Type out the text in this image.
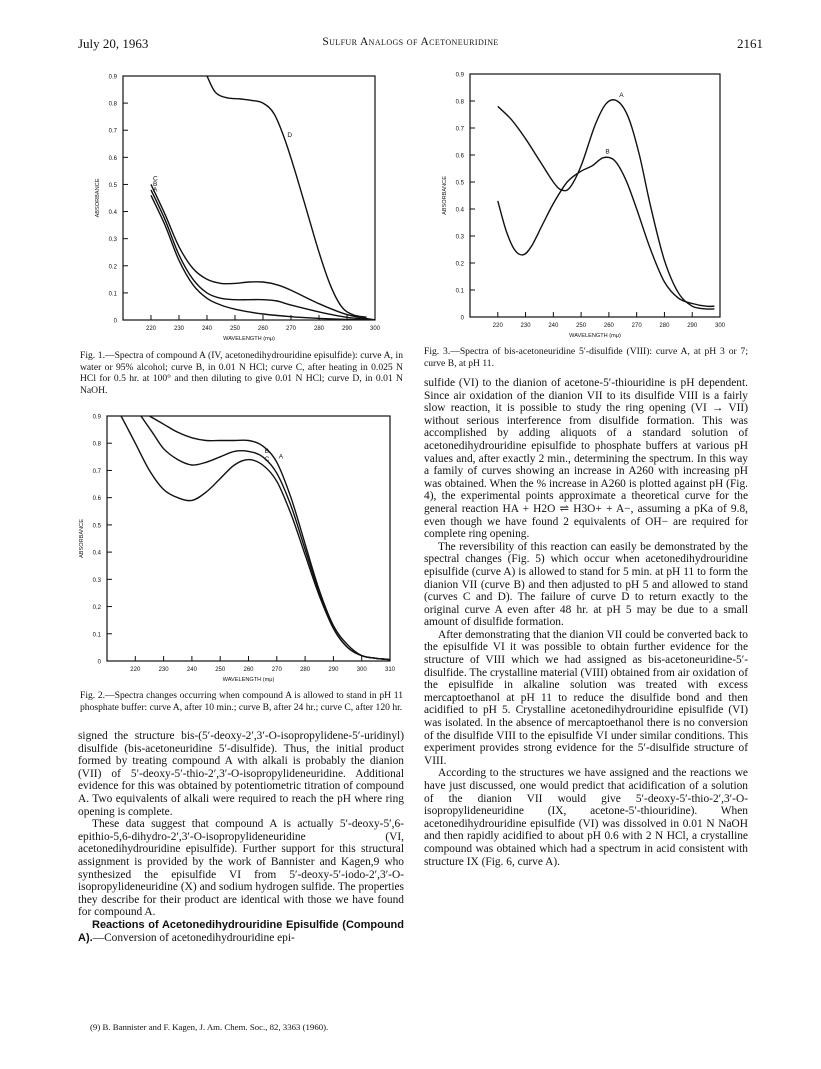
July 20, 1963	Sulfur Analogs of Acetoneuridine	2161
0
0.1
0.2
0.3
0.4
0.5
0.6
0.7
0.8
0.9
220	230	240	250	260	270	280	290	300
WAVELENGTH (mμ)
ABSORBANCE	A
B
C
D
Fig. 1.—Spectra of compound A (IV, acetonedihydrouridine episulfide): curve A, in water or 95% alcohol; curve B, in 0.01 N HCl; curve C, after heating in 0.025 N HCl for 0.5 hr. at 100° and then diluting to give 0.01 N HCl; curve D, in 0.01 N NaOH.
0
0.1
0.2
0.3
0.4
0.5
0.6
0.7
0.8
0.9
220	230	240	250	260	270	280	290	300	310
WAVELENGTH (mμ)
ABSORBANCE
A
B
C
Fig. 2.—Spectra changes occurring when compound A is allowed to stand in pH 11 phosphate buffer: curve A, after 10 min.; curve B, after 24 hr.; curve C, after 120 hr.
0
0.1
0.2
0.3
0.4
0.5
0.6
0.7
0.8
0.9
220	230	240	250	260	270	280	290	300
WAVELENGTH (mμ)
ABSORBANCE
A
B
Fig. 3.—Spectra of bis-acetoneuridine 5′-disulfide (VIII): curve A, at pH 3 or 7; curve B, at pH 11.

signed the structure bis-(5′-deoxy-2′,3′-O-isopropylidene-5′-uridinyl) disulfide (bis-acetoneuridine 5′-disulfide). Thus, the initial product formed by treating compound A with alkali is probably the dianion (VII) of 5′-deoxy-5′-thio-2′,3′-O-isopropylideneuridine. Additional evidence for this was obtained by potentiometric titration of compound A. Two equivalents of alkali were required to reach the pH where ring opening is complete.

These data suggest that compound A is actually 5′-deoxy-5′,6-epithio-5,6-dihydro-2′,3′-O-isopropylideneuridine (VI, acetonedihydrouridine episulfide). Further support for this structural assignment is provided by the work of Bannister and Kagen,9 who synthesized the episulfide VI from 5′-deoxy-5′-iodo-2′,3′-O-isopropylideneuridine (X) and sodium hydrogen sulfide. The properties they describe for their product are identical with those we have found for compound A.

Reactions of Acetonedihydrouridine Episulfide (Compound A).—Conversion of acetonedihydrouridine epi-

(9) B. Bannister and F. Kagen, J. Am. Chem. Soc., 82, 3363 (1960).

sulfide (VI) to the dianion of acetone-5′-thiouridine is pH dependent. Since air oxidation of the dianion VII to its disulfide VIII is a fairly slow reaction, it is possible to study the ring opening (VI → VII) without serious interference from disulfide formation. This was accomplished by adding aliquots of a standard solution of acetonedihydrouridine episulfide to phosphate buffers at various pH values and, after exactly 2 min., determining the spectrum. In this way a family of curves showing an increase in A260 with increasing pH was obtained. When the % increase in A260 is plotted against pH (Fig. 4), the experimental points approximate a theoretical curve for the general reaction HA + H2O ⇌ H3O+ + A−, assuming a pKa of 9.8, even though we have found 2 equivalents of OH− are required for complete ring opening.

The reversibility of this reaction can easily be demonstrated by the spectral changes (Fig. 5) which occur when acetonedihydrouridine episulfide (curve A) is allowed to stand for 5 min. at pH 11 to form the dianion VII (curve B) and then adjusted to pH 5 and allowed to stand (curves C and D). The failure of curve D to return exactly to the original curve A even after 48 hr. at pH 5 may be due to a small amount of disulfide formation.

After demonstrating that the dianion VII could be converted back to the episulfide VI it was possible to obtain further evidence for the structure of VIII which we had assigned as bis-acetoneuridine-5′-disulfide. The crystalline material (VIII) obtained from air oxidation of the episulfide in alkaline solution was treated with excess mercaptoethanol at pH 11 to reduce the disulfide bond and then acidified to pH 5. Crystalline acetonedihydrouridine episulfide (VI) was isolated. In the absence of mercaptoethanol there is no conversion of the disulfide VIII to the episulfide VI under similar conditions. This experiment provides strong evidence for the 5′-disulfide structure of VIII.

According to the structures we have assigned and the reactions we have just discussed, one would predict that acidification of a solution of the dianion VII would give 5′-deoxy-5′-thio-2′,3′-O-isopropylideneuridine (IX, acetone-5′-thiouridine). When acetonedihydrouridine episulfide (VI) was dissolved in 0.01 N NaOH and then rapidly acidified to about pH 0.6 with 2 N HCl, a crystalline compound was obtained which had a spectrum in acid consistent with structure IX (Fig. 6, curve A).
